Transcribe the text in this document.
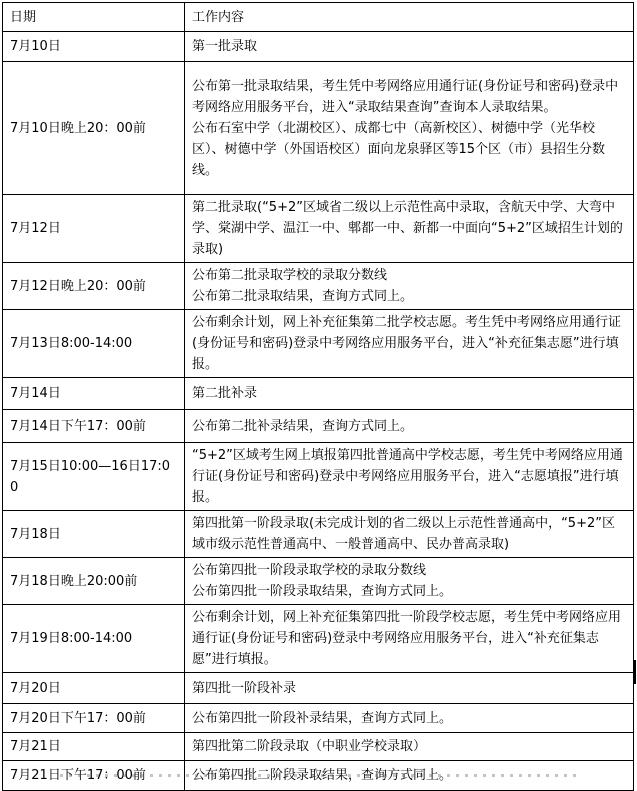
日期	工作内容
7月10日	第一批录取

7月10日晚上20：00前	公布第一批录取结果，考生凭中考网络应用通行证(身份证号和密码)登录中考网络应用服务平台，进入“录取结果查询”查询本人录取结果。
公布石室中学（北湖校区）、成都七中（高新校区）、树德中学（光华校区）、树德中学（外国语校区）面向龙泉驿区等15个区（市）县招生分数线。

7月12日	第二批录取(“5+2”区域省二级以上示范性高中录取，含航天中学、大弯中学、棠湖中学、温江一中、郫都一中、新都一中面向“5+2”区域招生计划的录取)

7月12日晚上20：00前	公布第二批录取学校的录取分数线
公布第二批录取结果，查询方式同上。

7月13日8:00-14:00	公布剩余计划，网上补充征集第二批学校志愿。考生凭中考网络应用通行证(身份证号和密码)登录中考网络应用服务平台，进入“补充征集志愿”进行填报。

7月14日	第二批补录

7月14日下午17：00前	公布第二批补录结果，查询方式同上。

7月15日10:00—16日17:00	“5+2”区域考生网上填报第四批普通高中学校志愿，考生凭中考网络应用通行证(身份证号和密码)登录中考网络应用服务平台，进入“志愿填报”进行填报。

7月18日	第四批第一阶段录取(未完成计划的省二级以上示范性普通高中，“5+2”区域市级示范性普通高中、一般普通高中、民办普高录取)

7月18日晚上20:00前	公布第四批一阶段录取学校的录取分数线
公布第四批一阶段录取结果，查询方式同上。

7月19日8:00-14:00	公布剩余计划，网上补充征集第四批一阶段学校志愿，考生凭中考网络应用通行证(身份证号和密码)登录中考网络应用服务平台，进入“补充征集志愿”进行填报。

7月20日	第四批一阶段补录

7月20日下午17：00前	公布第四批一阶段补录结果，查询方式同上。

7月21日	第四批第二阶段录取（中职业学校录取）

7月21日下午17：00前	公布第四批二阶段录取结果，查询方式同上。
